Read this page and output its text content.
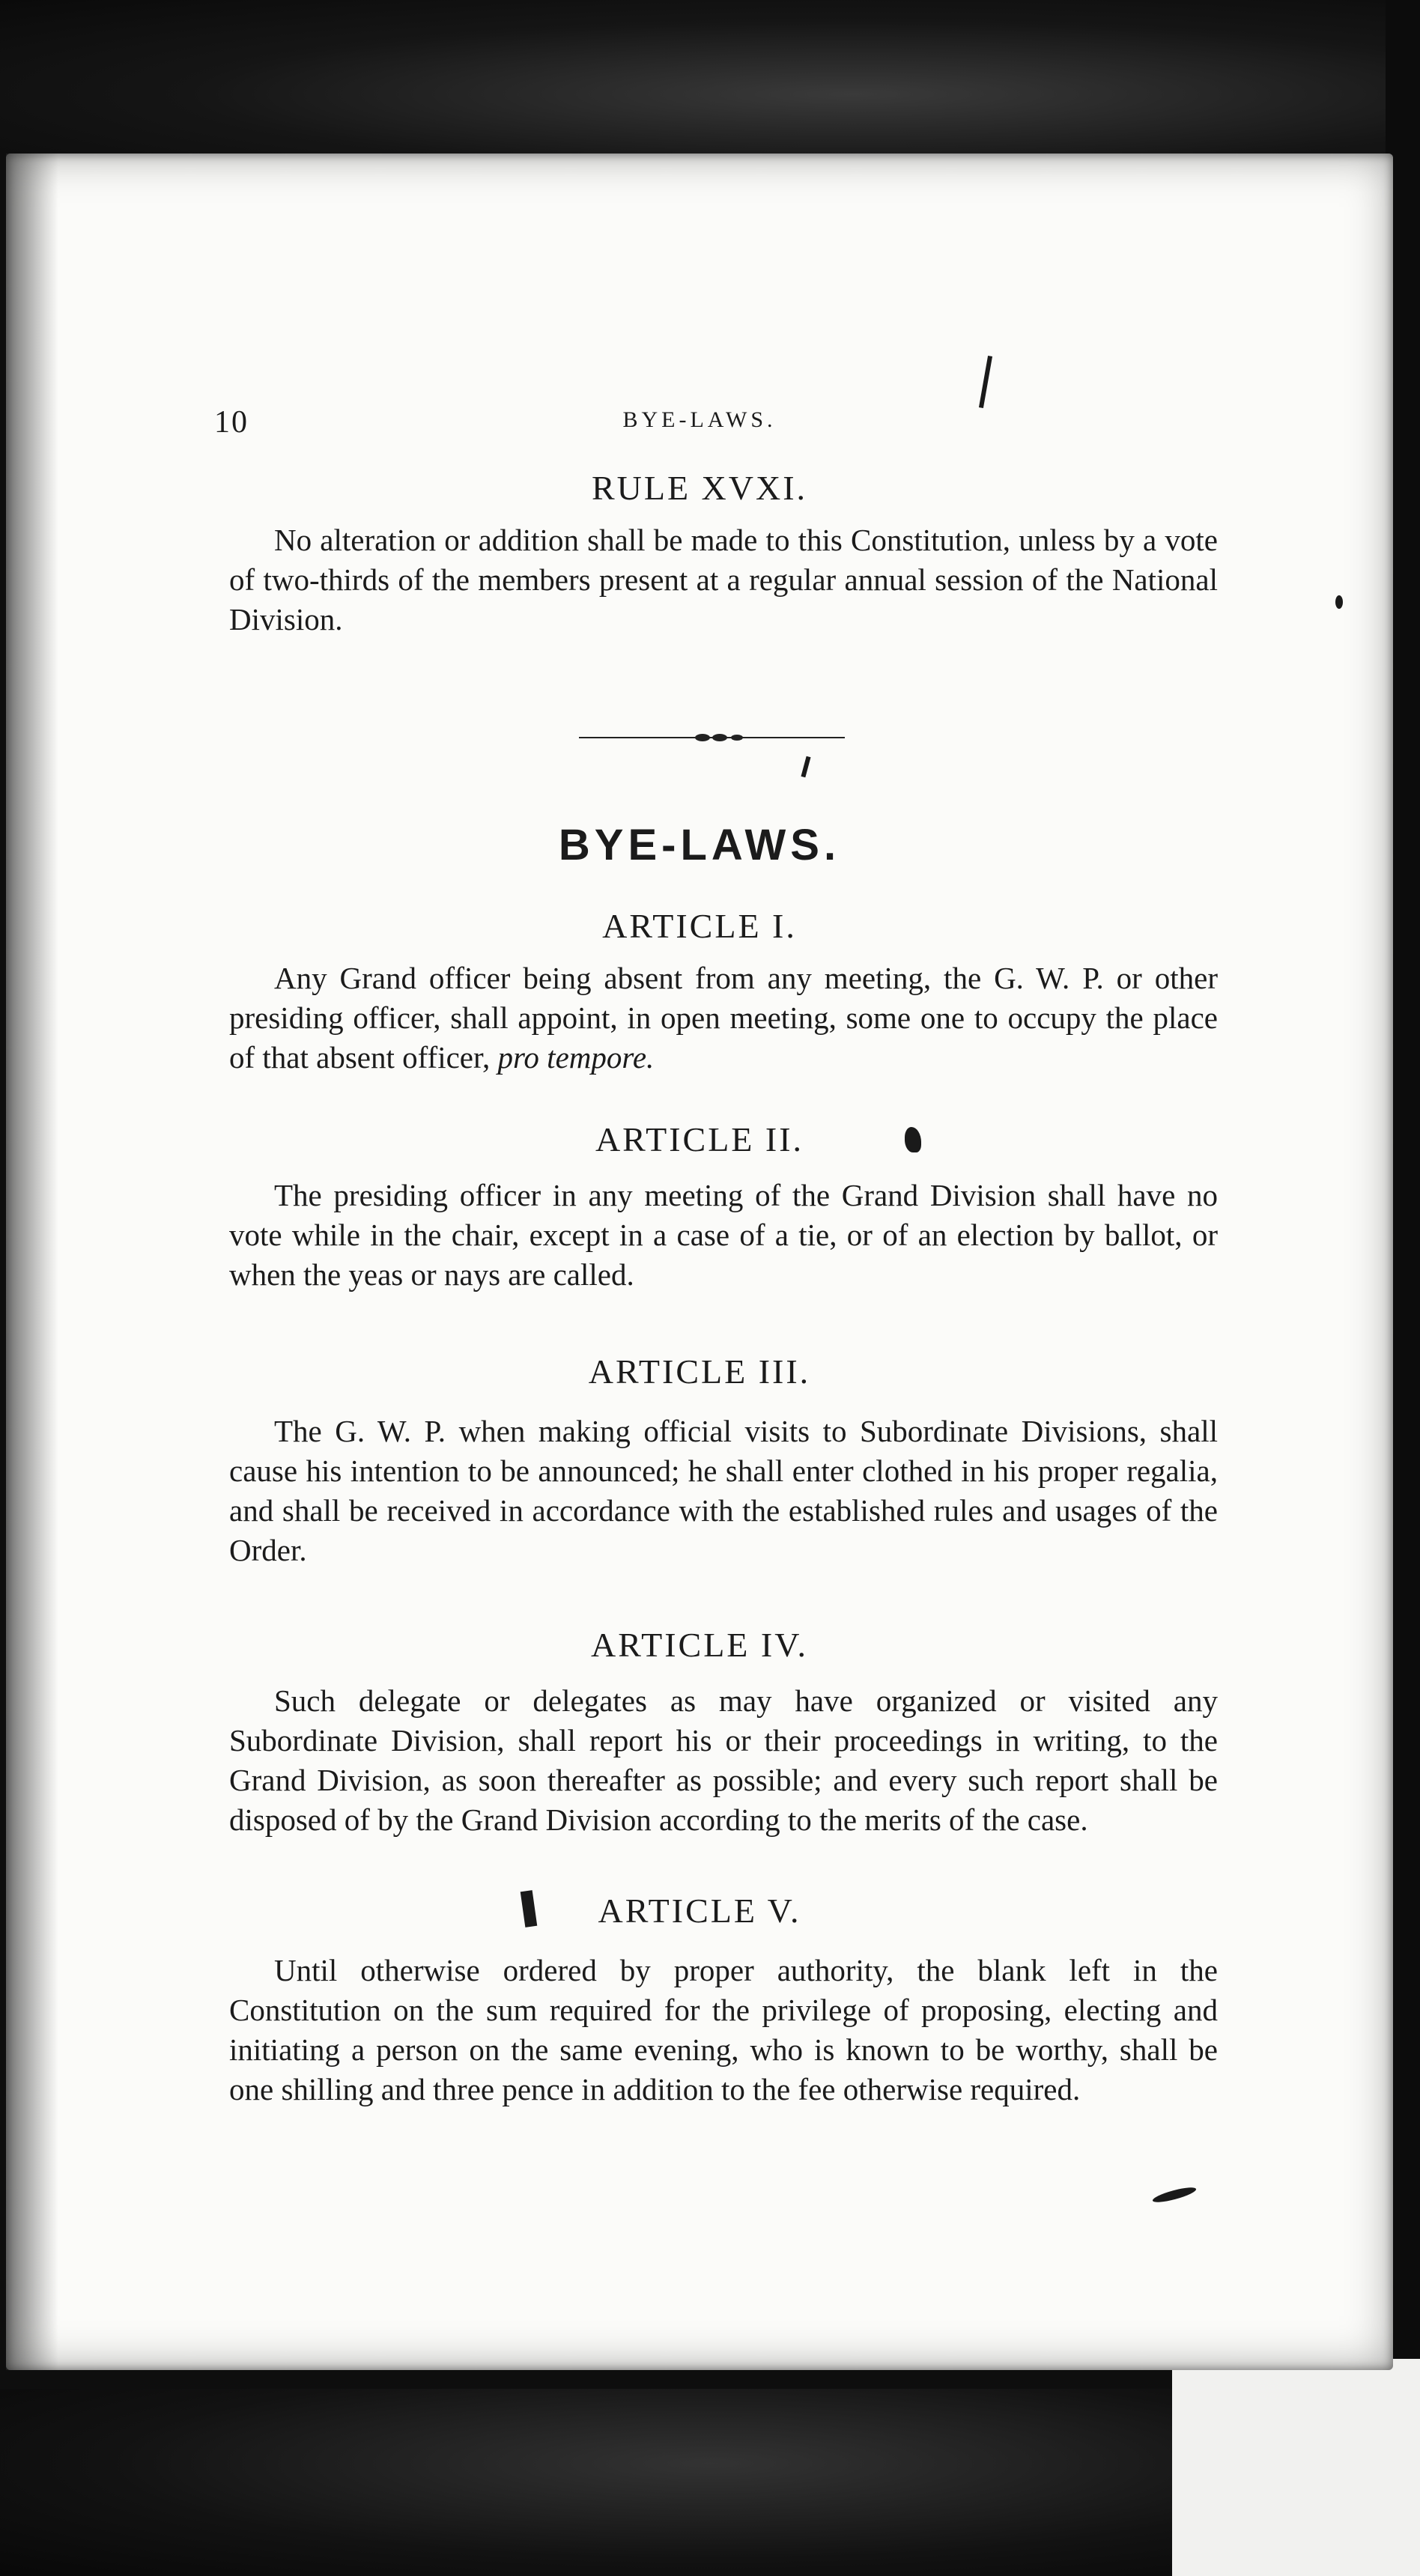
10	BYE-LAWS.
RULE XVXI.

No alteration or addition shall be made to this Constitution, unless by a vote of two-thirds of the members present at a regular annual session of the National Division.

BYE-LAWS.
ARTICLE I.

Any Grand officer being absent from any meeting, the G. W. P. or other presiding officer, shall appoint, in open meeting, some one to occupy the place of that absent officer, pro tempore.

ARTICLE II.

The presiding officer in any meeting of the Grand Division shall have no vote while in the chair, except in a case of a tie, or of an election by ballot, or when the yeas or nays are called.

ARTICLE III.

The G. W. P. when making official visits to Subordinate Divisions, shall cause his intention to be announced; he shall enter clothed in his proper regalia, and shall be received in accordance with the established rules and usages of the Order.

ARTICLE IV.

Such delegate or delegates as may have organized or visited any Subordinate Division, shall report his or their proceedings in writing, to the Grand Division, as soon thereafter as possible; and every such report shall be disposed of by the Grand Division according to the merits of the case.

ARTICLE V.

Until otherwise ordered by proper authority, the blank left in the Constitution on the sum required for the privilege of proposing, electing and initiating a person on the same evening, who is known to be worthy, shall be one shilling and three pence in addition to the fee otherwise required.
